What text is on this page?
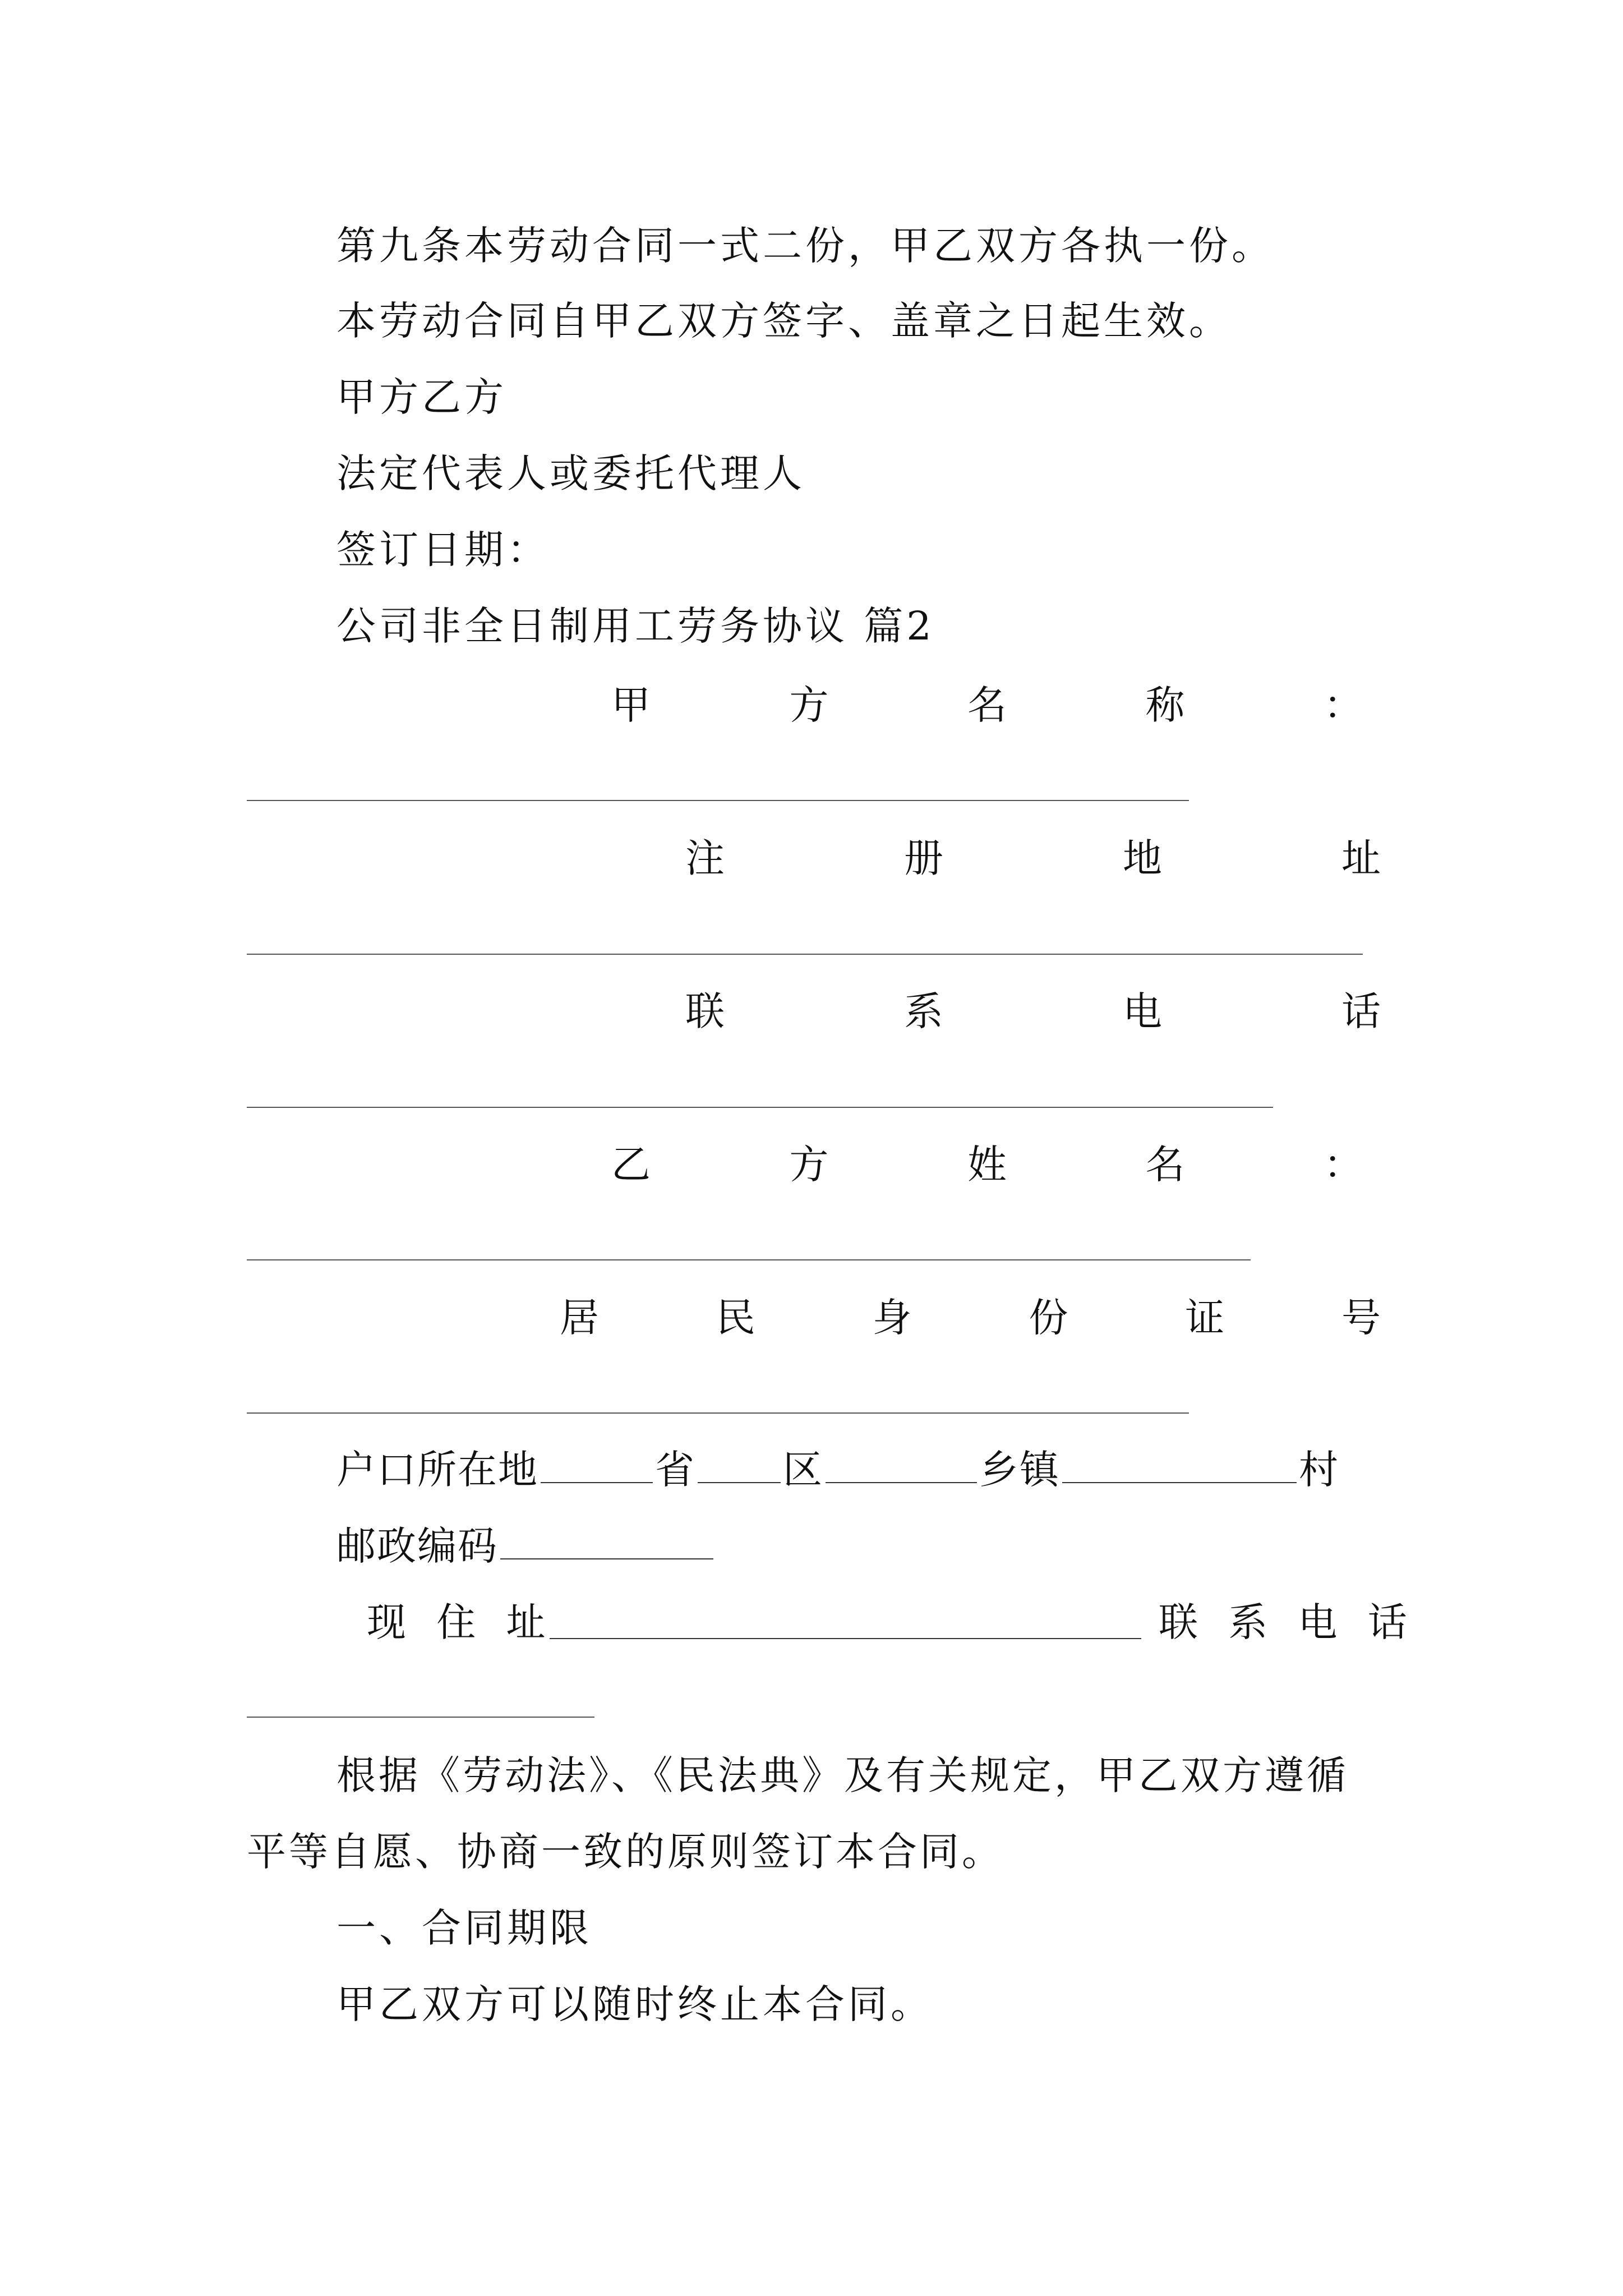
第九条本劳动合同一式二份，甲乙双方各执一份。
本劳动合同自甲乙双方签字、盖章之日起生效。
甲方乙方
法定代表人或委托代理人
签订日期：
公司非全日制用工劳务协议 篇2
甲	方	名	称	：
注	册	地	址
联	系	电	话
乙	方	姓	名	：
居	民	身	份	证	号
户口所在地	省 区	乡镇	村
邮政编码
现 住 址	联 系 电 话
根据《劳动法》、《民法典》及有关规定，甲乙双方遵循
平等自愿、协商一致的原则签订本合同。
一、合同期限
甲乙双方可以随时终止本合同。
